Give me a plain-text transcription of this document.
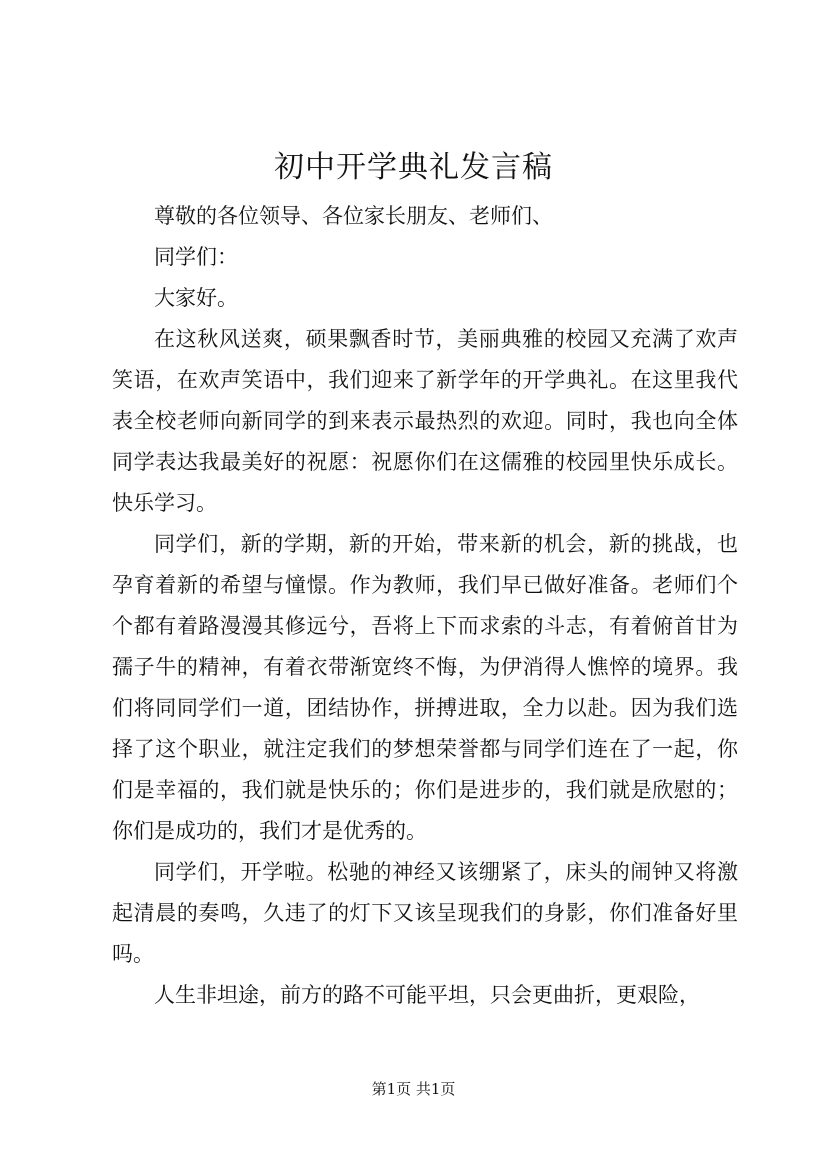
初中开学典礼发言稿

尊敬的各位领导、各位家长朋友、老师们、

同学们：

大家好。

在这秋风送爽，硕果飘香时节，美丽典雅的校园又充满了欢声笑语，在欢声笑语中，我们迎来了新学年的开学典礼。在这里我代表全校老师向新同学的到来表示最热烈的欢迎。同时，我也向全体同学表达我最美好的祝愿：祝愿你们在这儒雅的校园里快乐成长。快乐学习。

同学们，新的学期，新的开始，带来新的机会，新的挑战，也孕育着新的希望与憧憬。作为教师，我们早已做好准备。老师们个个都有着路漫漫其修远兮，吾将上下而求索的斗志，有着俯首甘为孺子牛的精神，有着衣带渐宽终不悔，为伊消得人憔悴的境界。我们将同同学们一道，团结协作，拼搏进取，全力以赴。因为我们选择了这个职业，就注定我们的梦想荣誉都与同学们连在了一起，你们是幸福的，我们就是快乐的；你们是进步的，我们就是欣慰的；你们是成功的，我们才是优秀的。

同学们，开学啦。松驰的神经又该绷紧了，床头的闹钟又将激起清晨的奏鸣，久违了的灯下又该呈现我们的身影，你们准备好里吗。

人生非坦途，前方的路不可能平坦，只会更曲折，更艰险，

第1页 共1页
